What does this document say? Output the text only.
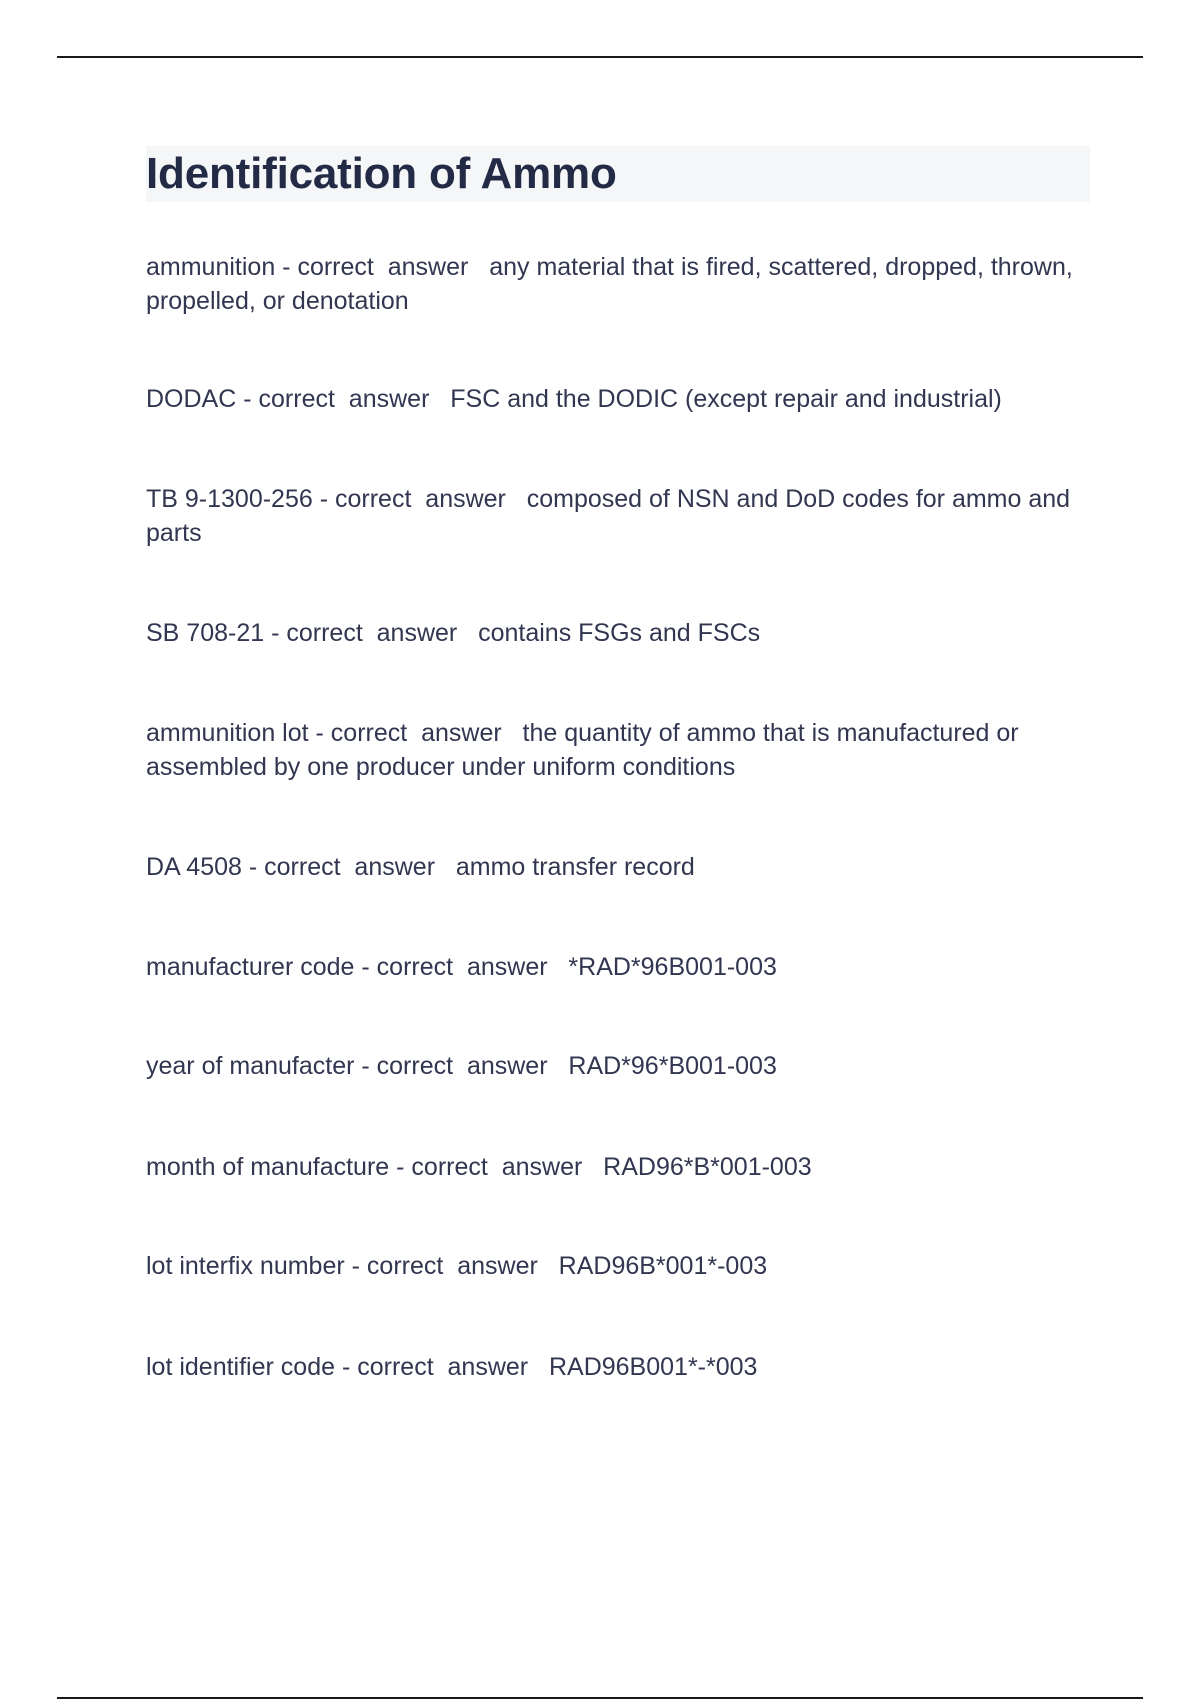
Identification of Ammo
ammunition - correct  answer   any material that is fired, scattered, dropped, thrown, propelled, or denotation
DODAC - correct  answer   FSC and the DODIC (except repair and industrial)
TB 9-1300-256 - correct  answer   composed of NSN and DoD codes for ammo and parts
SB 708-21 - correct  answer   contains FSGs and FSCs
ammunition lot - correct  answer   the quantity of ammo that is manufactured or assembled by one producer under uniform conditions
DA 4508 - correct  answer   ammo transfer record
manufacturer code - correct  answer   *RAD*96B001-003
year of manufacter - correct  answer   RAD*96*B001-003
month of manufacture - correct  answer   RAD96*B*001-003
lot interfix number - correct  answer   RAD96B*001*-003
lot identifier code - correct  answer   RAD96B001*-*003
